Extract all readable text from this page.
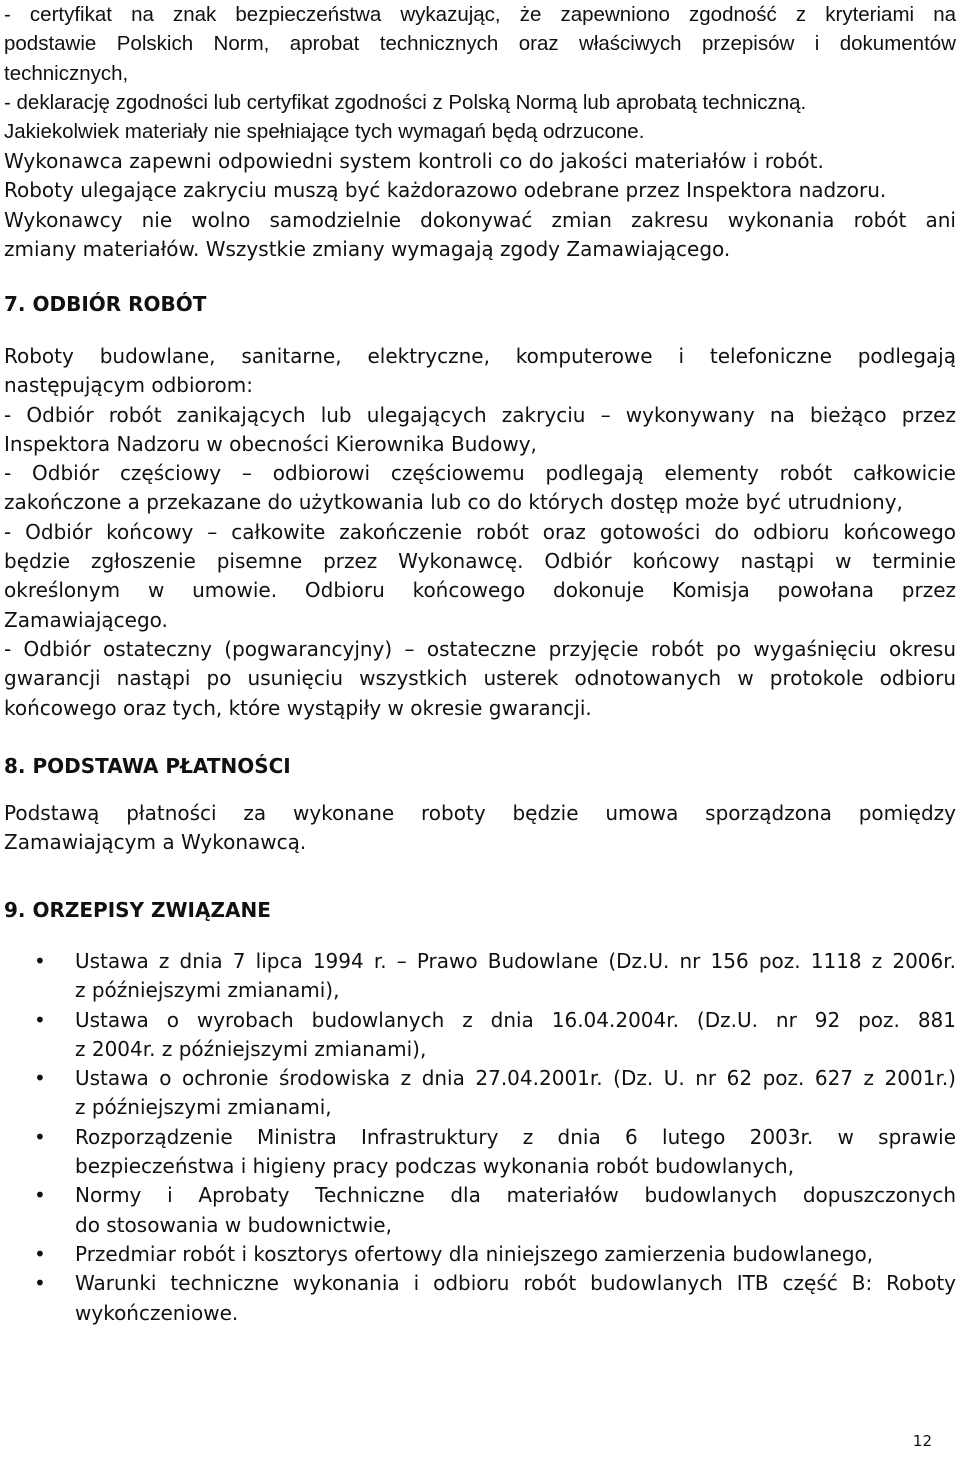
- certyfikat na znak bezpieczeństwa wykazując, że zapewniono zgodność z kryteriami na
podstawie Polskich Norm, aprobat technicznych oraz właściwych przepisów i dokumentów
technicznych,
- deklarację zgodności lub certyfikat zgodności z Polską Normą lub aprobatą techniczną.
Jakiekolwiek materiały nie spełniające tych wymagań będą odrzucone.

Wykonawca zapewni odpowiedni system kontroli co do jakości materiałów i robót.
Roboty ulegające zakryciu muszą być każdorazowo odebrane przez Inspektora nadzoru.
Wykonawcy nie wolno samodzielnie dokonywać zmian zakresu wykonania robót ani
zmiany materiałów. Wszystkie zmiany wymagają zgody Zamawiającego.

7. ODBIÓR ROBÓT

Roboty budowlane, sanitarne, elektryczne, komputerowe i telefoniczne podlegają
następującym odbiorom:
- Odbiór robót zanikających lub ulegających zakryciu – wykonywany na bieżąco przez
Inspektora Nadzoru w obecności Kierownika Budowy,
- Odbiór częściowy – odbiorowi częściowemu podlegają elementy robót całkowicie
zakończone a przekazane do użytkowania lub co do których dostęp może być utrudniony,
- Odbiór końcowy – całkowite zakończenie robót oraz gotowości do odbioru końcowego
będzie zgłoszenie pisemne przez Wykonawcę. Odbiór końcowy nastąpi w terminie
określonym w umowie. Odbioru końcowego dokonuje Komisja powołana przez
Zamawiającego.
- Odbiór ostateczny (pogwarancyjny) – ostateczne przyjęcie robót po wygaśnięciu okresu
gwarancji nastąpi po usunięciu wszystkich usterek odnotowanych w protokole odbioru
końcowego oraz tych, które wystąpiły w okresie gwarancji.

8. PODSTAWA PŁATNOŚCI

Podstawą płatności za wykonane roboty będzie umowa sporządzona pomiędzy
Zamawiającym a Wykonawcą.

9. ORZEPISY ZWIĄZANE
• Ustawa z dnia 7 lipca 1994 r. – Prawo Budowlane (Dz.U. nr 156 poz. 1118 z 2006r.
z późniejszymi zmianami),
• Ustawa o wyrobach budowlanych z dnia 16.04.2004r. (Dz.U. nr 92 poz. 881
z 2004r. z późniejszymi zmianami),
• Ustawa o ochronie środowiska z dnia 27.04.2001r. (Dz. U. nr 62 poz. 627 z 2001r.)
z późniejszymi zmianami,
• Rozporządzenie Ministra Infrastruktury z dnia 6 lutego 2003r. w sprawie
bezpieczeństwa i higieny pracy podczas wykonania robót budowlanych,
• Normy i Aprobaty Techniczne dla materiałów budowlanych dopuszczonych
do stosowania w budownictwie,
• Przedmiar robót i kosztorys ofertowy dla niniejszego zamierzenia budowlanego,
• Warunki techniczne wykonania i odbioru robót budowlanych ITB część B: Roboty
wykończeniowe.
12
